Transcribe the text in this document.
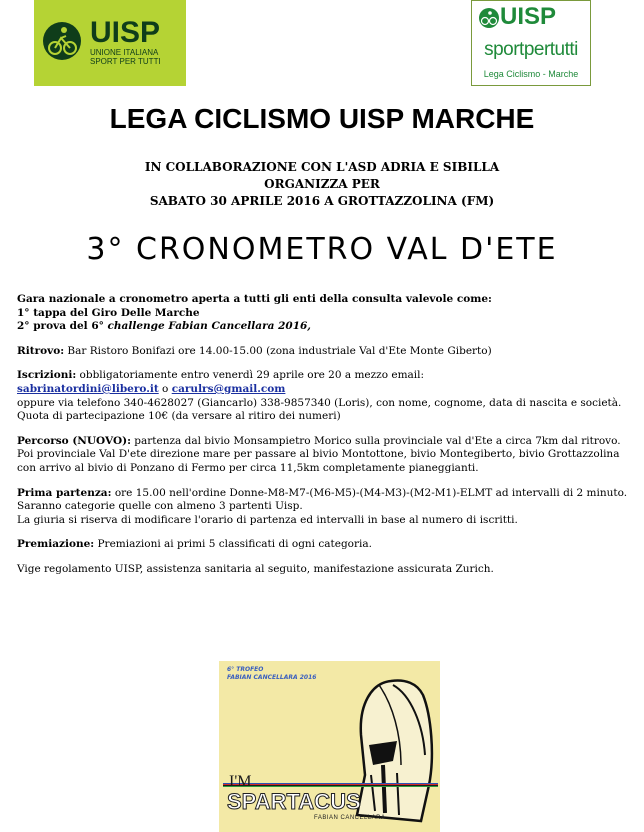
UISP
UNIONE ITALIANA
SPORT PER TUTTI
UISP
sportpertutti
Lega Ciclismo - Marche
LEGA CICLISMO UISP MARCHE
IN COLLABORAZIONE CON L'ASD ADRIA E SIBILLA
ORGANIZZA PER
SABATO 30 APRILE 2016 A GROTTAZZOLINA (FM)
3° CRONOMETRO VAL D'ETE

Gara nazionale a cronometro aperta a tutti gli enti della consulta valevole come:
1° tappa del Giro Delle Marche
2° prova del 6° challenge Fabian Cancellara 2016,

Ritrovo: Bar Ristoro Bonifazi ore 14.00-15.00 (zona industriale Val d'Ete Monte Giberto)

Iscrizioni: obbligatoriamente entro venerdì 29 aprile ore 20 a mezzo email:
sabrinatordini@libero.it o carulrs@gmail.com
oppure via telefono 340-4628027 (Giancarlo) 338-9857340 (Loris), con nome, cognome, data di nascita e società.
Quota di partecipazione 10€ (da versare al ritiro dei numeri)

Percorso (NUOVO): partenza dal bivio Monsampietro Morico sulla provinciale val d'Ete a circa 7km dal ritrovo. Poi provinciale Val D'ete direzione mare per passare al bivio Montottone, bivio Montegiberto, bivio Grottazzolina con arrivo al bivio di Ponzano di Fermo per circa 11,5km completamente pianeggianti.

Prima partenza: ore 15.00 nell'ordine Donne-M8-M7-(M6-M5)-(M4-M3)-(M2-M1)-ELMT ad intervalli di 2 minuto.
Saranno categorie quelle con almeno 3 partenti Uisp.
La giuria si riserva di modificare l'orario di partenza ed intervalli in base al numero di iscritti.

Premiazione: Premiazioni ai primi 5 classificati di ogni categoria.

Vige regolamento UISP, assistenza sanitaria al seguito, manifestazione assicurata Zurich.

6° TROFEO
FABIAN CANCELLARA 2016
I'M
SPARTACUS
FABIAN CANCELLARA
